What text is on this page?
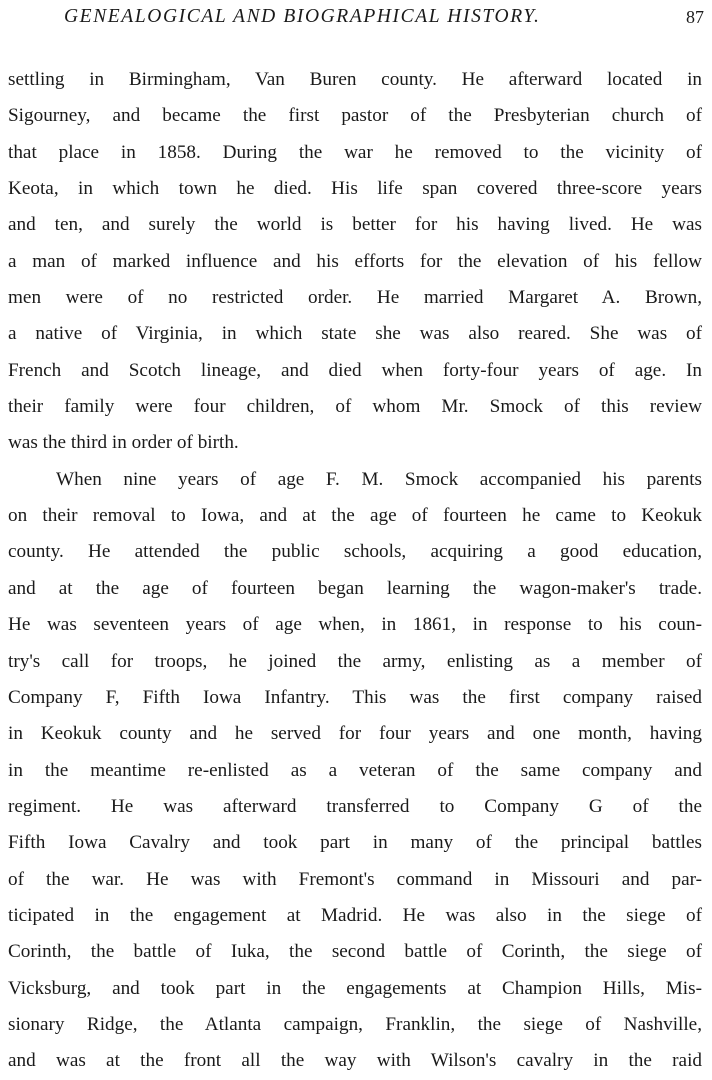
GENEALOGICAL AND BIOGRAPHICAL HISTORY.	87
settling in Birmingham, Van Buren county. He afterward located in
Sigourney, and became the first pastor of the Presbyterian church of
that place in 1858. During the war he removed to the vicinity of
Keota, in which town he died. His life span covered three-score years
and ten, and surely the world is better for his having lived. He was
a man of marked influence and his efforts for the elevation of his fellow
men were of no restricted order. He married Margaret A. Brown,
a native of Virginia, in which state she was also reared. She was of
French and Scotch lineage, and died when forty-four years of age. In
their family were four children, of whom Mr. Smock of this review
was the third in order of birth.
When nine years of age F. M. Smock accompanied his parents
on their removal to Iowa, and at the age of fourteen he came to Keokuk
county. He attended the public schools, acquiring a good education,
and at the age of fourteen began learning the wagon-maker's trade.
He was seventeen years of age when, in 1861, in response to his coun-
try's call for troops, he joined the army, enlisting as a member of
Company F, Fifth Iowa Infantry. This was the first company raised
in Keokuk county and he served for four years and one month, having
in the meantime re-enlisted as a veteran of the same company and
regiment. He was afterward transferred to Company G of the
Fifth Iowa Cavalry and took part in many of the principal battles
of the war. He was with Fremont's command in Missouri and par-
ticipated in the engagement at Madrid. He was also in the siege of
Corinth, the battle of Iuka, the second battle of Corinth, the siege of
Vicksburg, and took part in the engagements at Champion Hills, Mis-
sionary Ridge, the Atlanta campaign, Franklin, the siege of Nashville,
and was at the front all the way with Wilson's cavalry in the raid
